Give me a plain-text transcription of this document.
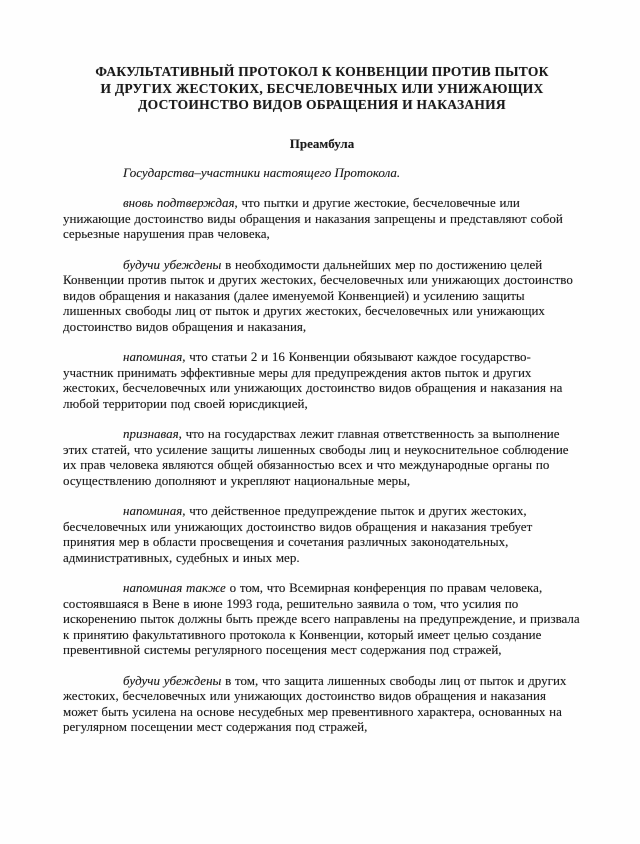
ФАКУЛЬТАТИВНЫЙ ПРОТОКОЛ К КОНВЕНЦИИ ПРОТИВ ПЫТОК
И ДРУГИХ ЖЕСТОКИХ, БЕСЧЕЛОВЕЧНЫХ ИЛИ УНИЖАЮЩИХ
ДОСТОИНСТВО ВИДОВ ОБРАЩЕНИЯ И НАКАЗАНИЯ
Преамбула
Государства–участники настоящего Протокола.

вновь подтверждая, что пытки и другие жестокие, бесчеловечные или унижающие достоинство виды обращения и наказания запрещены и представляют собой серьезные нарушения прав человека,

будучи убеждены в необходимости дальнейших мер по достижению целей Конвенции против пыток и других жестоких, бесчеловечных или унижающих достоинство видов обращения и наказания (далее именуемой Конвенцией) и усилению защиты лишенных свободы лиц от пыток и других жестоких, бесчеловечных или унижающих достоинство видов обращения и наказания,

напоминая, что статьи 2 и 16 Конвенции обязывают каждое государство-участник принимать эффективные меры для предупреждения актов пыток и других жестоких, бесчеловечных или унижающих достоинство видов обращения и наказания на любой территории под своей юрисдикцией,

признавая, что на государствах лежит главная ответственность за выполнение этих статей, что усиление защиты лишенных свободы лиц и неукоснительное соблюдение их прав человека являются общей обязанностью всех и что международные органы по осуществлению дополняют и укрепляют национальные меры,

напоминая, что действенное предупреждение пыток и других жестоких, бесчеловечных или унижающих достоинство видов обращения и наказания требует принятия мер в области просвещения и сочетания различных законодательных, административных, судебных и иных мер.

напоминая также о том, что Всемирная конференция по правам человека, состоявшаяся в Вене в июне 1993 года, решительно заявила о том, что усилия по искоренению пыток должны быть прежде всего направлены на предупреждение, и призвала к принятию факультативного протокола к Конвенции, который имеет целью создание превентивной системы регулярного посещения мест содержания под стражей,

будучи убеждены в том, что защита лишенных свободы лиц от пыток и других жестоких, бесчеловечных или унижающих достоинство видов обращения и наказания может быть усилена на основе несудебных мер превентивного характера, основанных на регулярном посещении мест содержания под стражей,
